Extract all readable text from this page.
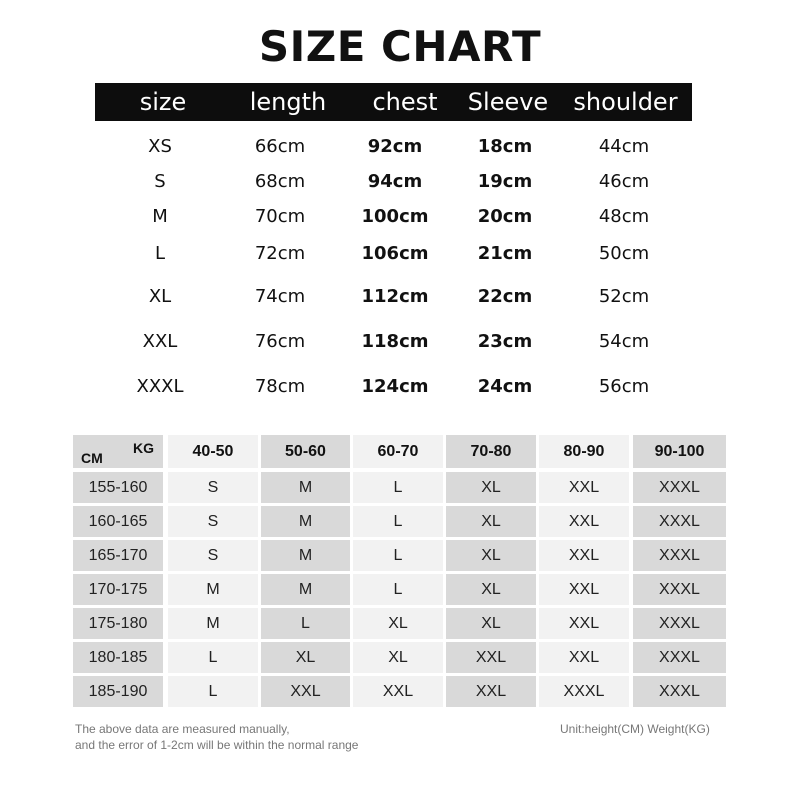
SIZE CHART
size	length	chest	Sleeve	shoulder
XS	66cm	92cm	18cm	44cm
S	68cm	94cm	19cm	46cm
M	70cm	100cm	20cm	48cm
L	72cm	106cm	21cm	50cm
XL	74cm	112cm	22cm	52cm
XXL	76cm	118cm	23cm	54cm
XXXL	78cm	124cm	24cm	56cm
CM
KG	40-50	50-60	60-70	70-80	80-90	90-100
155-160	S	M	L	XL	XXL	XXXL
160-165	S	M	L	XL	XXL	XXXL
165-170	S	M	L	XL	XXL	XXXL
170-175	M	M	L	XL	XXL	XXXL
175-180	M	L	XL	XL	XXL	XXXL
180-185	L	XL	XL	XXL	XXL	XXXL
185-190	L	XXL	XXL	XXL	XXXL	XXXL
The above data are measured manually,
and the error of 1-2cm will be within the normal range
Unit:height(CM) Weight(KG)
